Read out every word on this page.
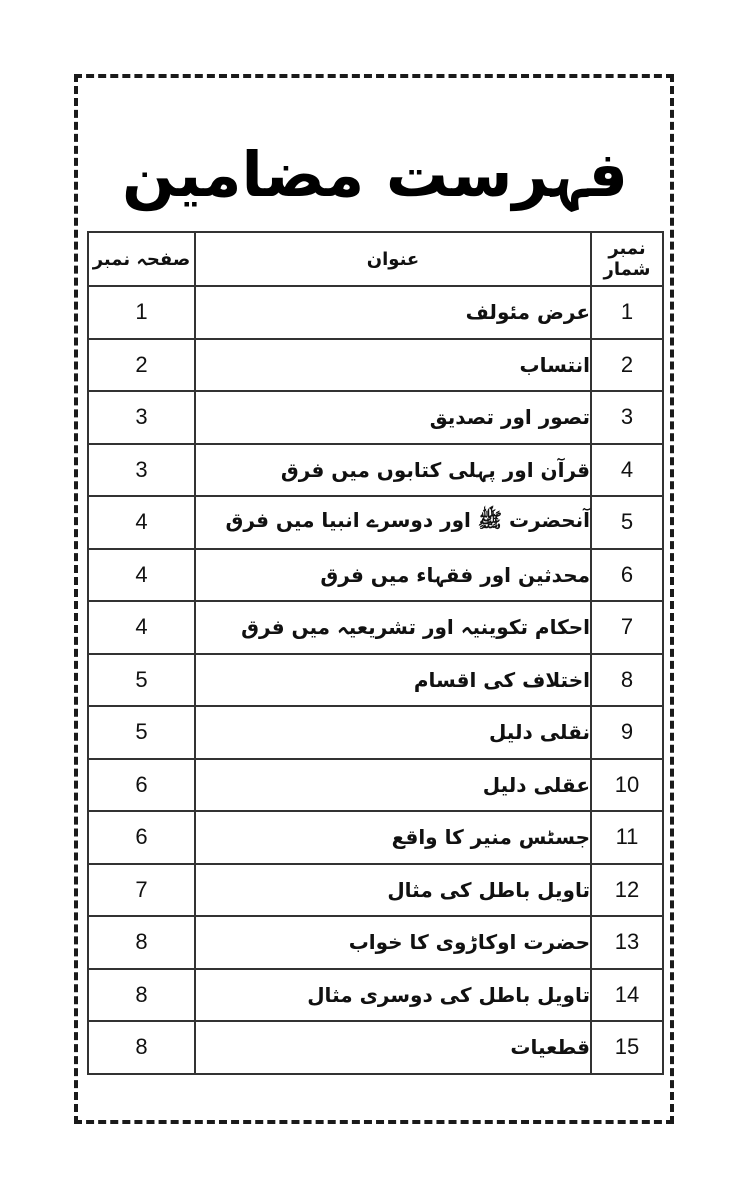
فہرست مضامین
نمبر شمار	عنوان	صفحہ نمبر
1	عرض مئولف	1
2	انتساب	2
3	تصور اور تصدیق	3
4	قرآن اور پہلی کتابوں میں فرق	3
5	آنحضرت ﷺ اور دوسرے انبیا میں فرق	4
6	محدثین اور فقہاء میں فرق	4
7	احکام تکوینیہ اور تشریعیہ میں فرق	4
8	اختلاف کی اقسام	5
9	نقلی دلیل	5
10	عقلی دلیل	6
11	جسٹس منیر کا واقع	6
12	تاویل باطل کی مثال	7
13	حضرت اوکاڑوی کا خواب	8
14	تاویل باطل کی دوسری مثال	8
15	قطعیات	8
